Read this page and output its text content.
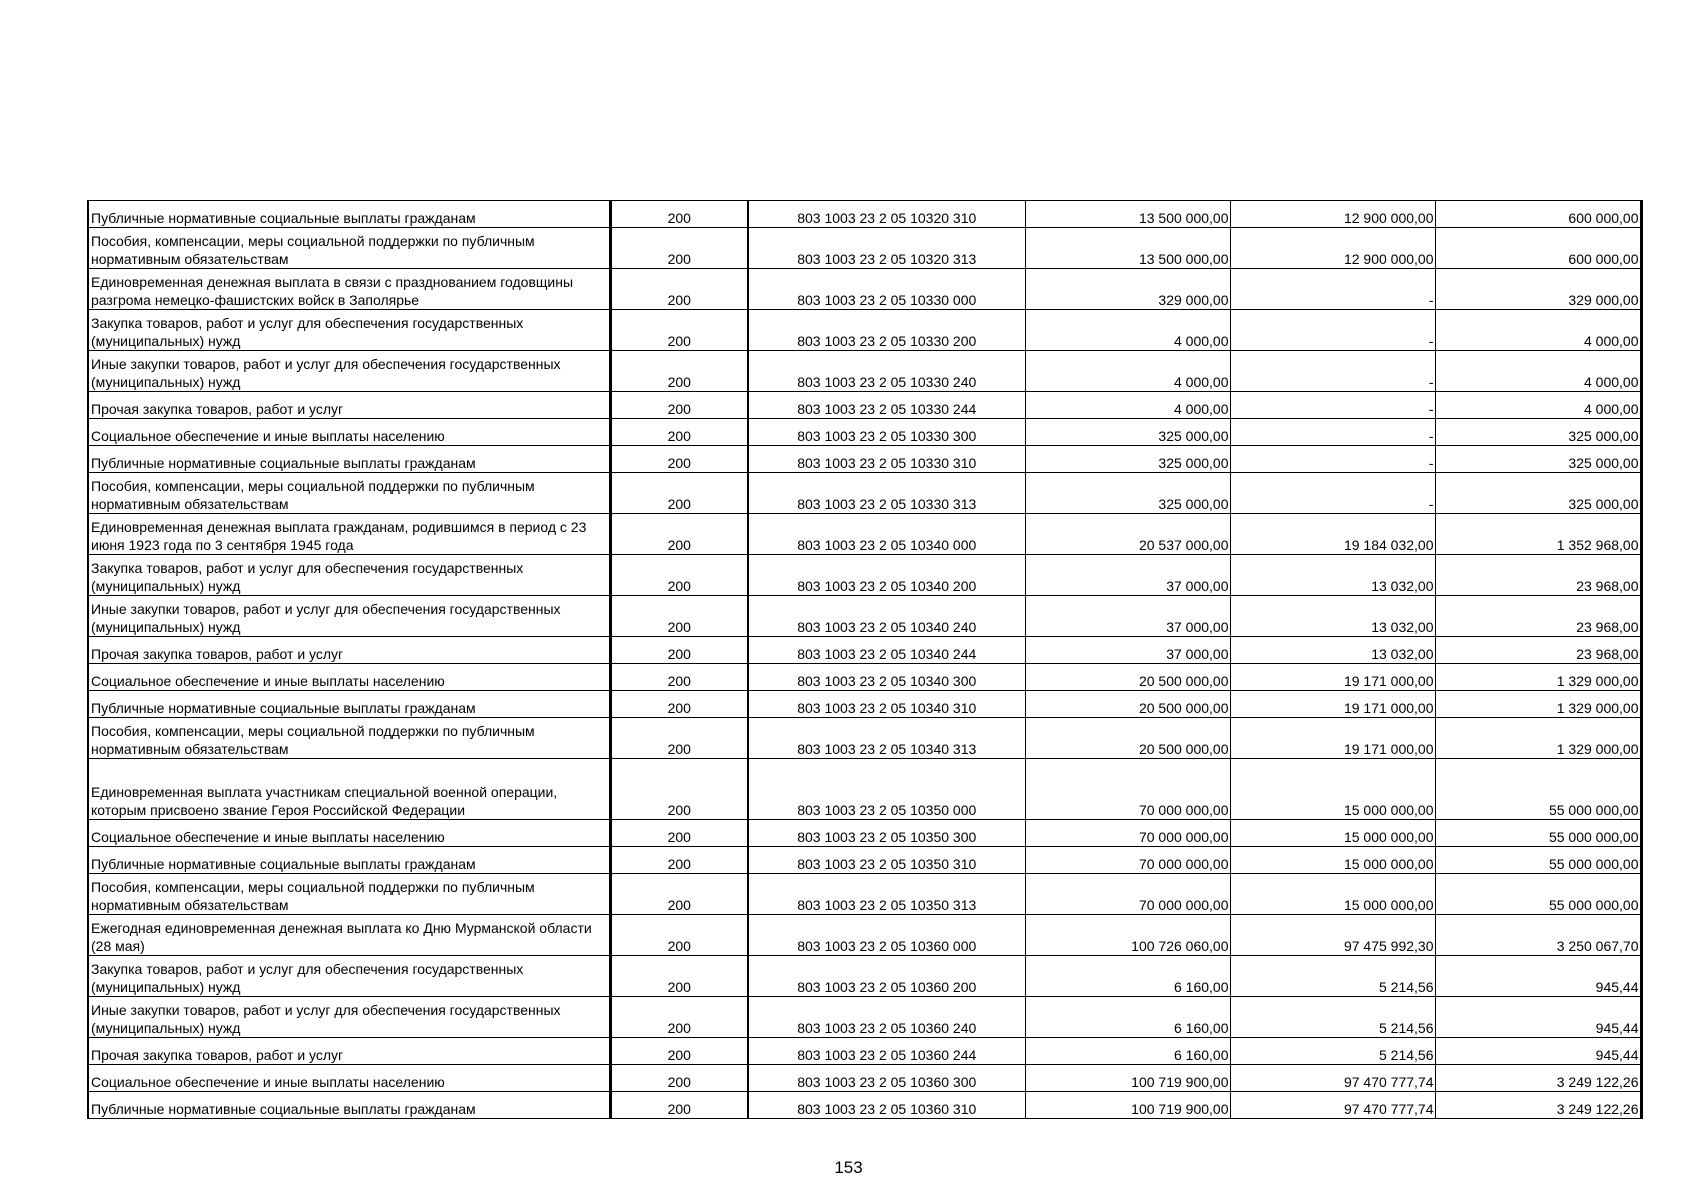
Публичные нормативные социальные выплаты гражданам	200	803 1003 23 2 05 10320 310	13 500 000,00	12 900 000,00	600 000,00

Пособия, компенсации, меры социальной поддержки по публичным нормативным обязательствам	200	803 1003 23 2 05 10320 313	13 500 000,00	12 900 000,00	600 000,00

Единовременная денежная выплата в связи с празднованием годовщины разгрома немецко-фашистских войск в Заполярье	200	803 1003 23 2 05 10330 000	329 000,00	-	329 000,00

Закупка товаров, работ и услуг для обеспечения государственных (муниципальных) нужд	200	803 1003 23 2 05 10330 200	4 000,00	-	4 000,00

Иные закупки товаров, работ и услуг для обеспечения государственных (муниципальных) нужд	200	803 1003 23 2 05 10330 240	4 000,00	-	4 000,00

Прочая закупка товаров, работ и услуг	200	803 1003 23 2 05 10330 244	4 000,00	-	4 000,00

Социальное обеспечение и иные выплаты населению	200	803 1003 23 2 05 10330 300	325 000,00	-	325 000,00

Публичные нормативные социальные выплаты гражданам	200	803 1003 23 2 05 10330 310	325 000,00	-	325 000,00

Пособия, компенсации, меры социальной поддержки по публичным нормативным обязательствам	200	803 1003 23 2 05 10330 313	325 000,00	-	325 000,00

Единовременная денежная выплата гражданам, родившимся в период с 23 июня 1923 года по 3 сентября 1945 года	200	803 1003 23 2 05 10340 000	20 537 000,00	19 184 032,00	1 352 968,00

Закупка товаров, работ и услуг для обеспечения государственных (муниципальных) нужд	200	803 1003 23 2 05 10340 200	37 000,00	13 032,00	23 968,00

Иные закупки товаров, работ и услуг для обеспечения государственных (муниципальных) нужд	200	803 1003 23 2 05 10340 240	37 000,00	13 032,00	23 968,00

Прочая закупка товаров, работ и услуг	200	803 1003 23 2 05 10340 244	37 000,00	13 032,00	23 968,00

Социальное обеспечение и иные выплаты населению	200	803 1003 23 2 05 10340 300	20 500 000,00	19 171 000,00	1 329 000,00

Публичные нормативные социальные выплаты гражданам	200	803 1003 23 2 05 10340 310	20 500 000,00	19 171 000,00	1 329 000,00

Пособия, компенсации, меры социальной поддержки по публичным нормативным обязательствам	200	803 1003 23 2 05 10340 313	20 500 000,00	19 171 000,00	1 329 000,00

Единовременная выплата участникам специальной военной операции, которым присвоено звание Героя Российской Федерации	200	803 1003 23 2 05 10350 000	70 000 000,00	15 000 000,00	55 000 000,00

Социальное обеспечение и иные выплаты населению	200	803 1003 23 2 05 10350 300	70 000 000,00	15 000 000,00	55 000 000,00

Публичные нормативные социальные выплаты гражданам	200	803 1003 23 2 05 10350 310	70 000 000,00	15 000 000,00	55 000 000,00

Пособия, компенсации, меры социальной поддержки по публичным нормативным обязательствам	200	803 1003 23 2 05 10350 313	70 000 000,00	15 000 000,00	55 000 000,00

Ежегодная единовременная денежная выплата ко Дню Мурманской области (28 мая)	200	803 1003 23 2 05 10360 000	100 726 060,00	97 475 992,30	3 250 067,70

Закупка товаров, работ и услуг для обеспечения государственных (муниципальных) нужд	200	803 1003 23 2 05 10360 200	6 160,00	5 214,56	945,44

Иные закупки товаров, работ и услуг для обеспечения государственных (муниципальных) нужд	200	803 1003 23 2 05 10360 240	6 160,00	5 214,56	945,44

Прочая закупка товаров, работ и услуг	200	803 1003 23 2 05 10360 244	6 160,00	5 214,56	945,44

Социальное обеспечение и иные выплаты населению	200	803 1003 23 2 05 10360 300	100 719 900,00	97 470 777,74	3 249 122,26

Публичные нормативные социальные выплаты гражданам	200	803 1003 23 2 05 10360 310	100 719 900,00	97 470 777,74	3 249 122,26
153
